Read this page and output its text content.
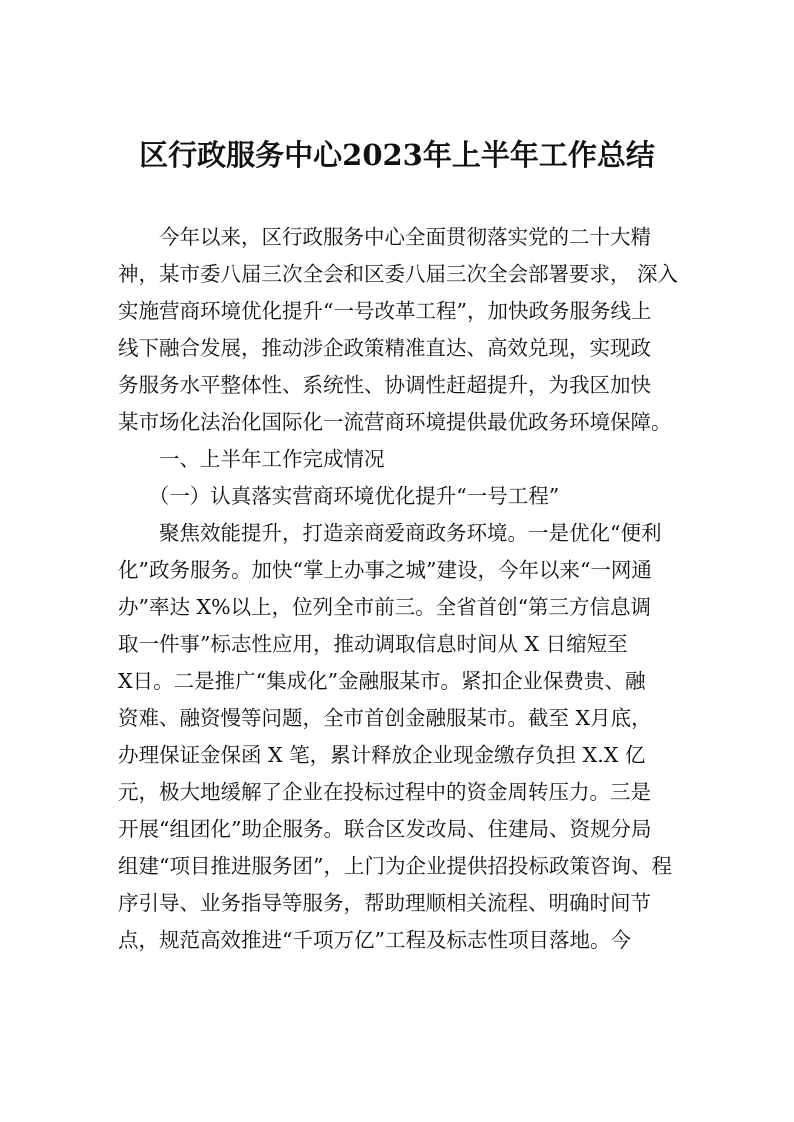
区行政服务中心2023年上半年工作总结

　　今年以来，区行政服务中心全面贯彻落实党的二十大精

神，某市委八届三次全会和区委八届三次全会部署要求， 深入

实施营商环境优化提升“一号改革工程”，加快政务服务线上

线下融合发展，推动涉企政策精准直达、高效兑现，实现政

务服务水平整体性、系统性、协调性赶超提升，为我区加快

某市场化法治化国际化一流营商环境提供最优政务环境保障。

　　一、上半年工作完成情况

　　（一）认真落实营商环境优化提升“一号工程”

　　聚焦效能提升，打造亲商爱商政务环境。一是优化“便利

化”政务服务。加快“掌上办事之城”建设，今年以来“一网通

办”率达 X%以上，位列全市前三。全省首创“第三方信息调

取一件事”标志性应用，推动调取信息时间从 X 日缩短至

X日。二是推广“集成化”金融服某市。紧扣企业保费贵、融

资难、融资慢等问题，全市首创金融服某市。截至 X月底，

办理保证金保函 X 笔，累计释放企业现金缴存负担 X.X 亿

元，极大地缓解了企业在投标过程中的资金周转压力。三是

开展“组团化”助企服务。联合区发改局、住建局、资规分局

组建“项目推进服务团”，上门为企业提供招投标政策咨询、程

序引导、业务指导等服务，帮助理顺相关流程、明确时间节

点，规范高效推进“千项万亿”工程及标志性项目落地。今
